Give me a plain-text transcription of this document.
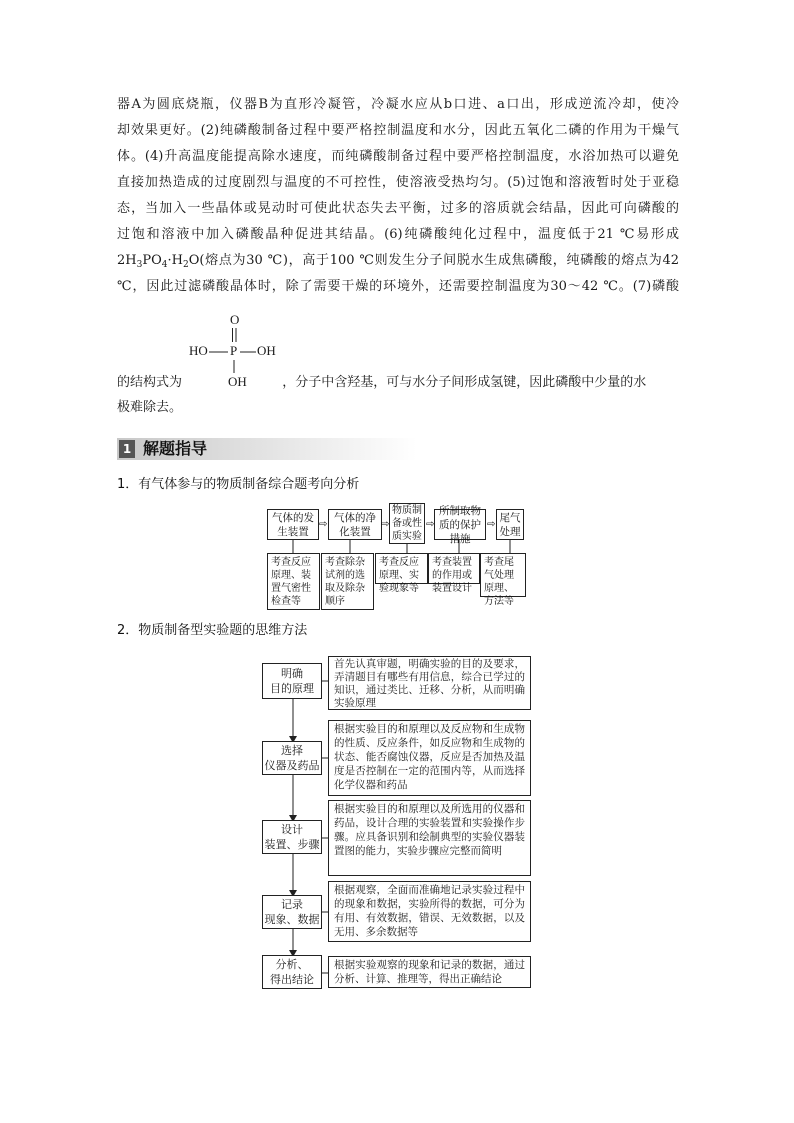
器A为圆底烧瓶，仪器B为直形冷凝管，冷凝水应从b口进、a口出，形成逆流冷却，使冷
却效果更好。(2)纯磷酸制备过程中要严格控制温度和水分，因此五氧化二磷的作用为干燥气
体。(4)升高温度能提高除水速度，而纯磷酸制备过程中要严格控制温度，水浴加热可以避免
直接加热造成的过度剧烈与温度的不可控性，使溶液受热均匀。(5)过饱和溶液暂时处于亚稳
态，当加入一些晶体或晃动时可使此状态失去平衡，过多的溶质就会结晶，因此可向磷酸的
过饱和溶液中加入磷酸晶种促进其结晶。(6)纯磷酸纯化过程中，温度低于21 ℃易形成
$2H_3PO_4\cdot H_2O$(熔点为30 ℃)，高于100 ℃则发生分子间脱水生成焦磷酸，纯磷酸的熔点为42
℃，因此过滤磷酸晶体时，除了需要干燥的环境外，还需要控制温度为30～42 ℃。(7)磷酸
的结构式为	，分子中含羟基，可与水分子间形成氢键，因此磷酸中少量的水
极难除去。
O
HO P OH
OH
1 解题指导
1．有气体参与的物质制备综合题考向分析
气体的发生装置
⇨
气体的净化装置
⇨
物质制备或性质实验
⇨
所制取物质的保护措施
⇨
尾气处理
考查反应原理、装置气密性检查等
考查除杂试剂的选取及除杂顺序
考查反应原理、实验现象等
考查装置的作用或装置设计
考查尾气处理原理、方法等
2．物质制备型实验题的思维方法
明确
目的原理
首先认真审题，明确实验的目的及要求，弄清题目有哪些有用信息，综合已学过的知识，通过类比、迁移、分析，从而明确实验原理
选择
仪器及药品
根据实验目的和原理以及反应物和生成物的性质、反应条件，如反应物和生成物的状态、能否腐蚀仪器，反应是否加热及温度是否控制在一定的范围内等，从而选择化学仪器和药品
设计
装置、步骤
根据实验目的和原理以及所选用的仪器和药品，设计合理的实验装置和实验操作步骤。应具备识别和绘制典型的实验仪器装置图的能力，实验步骤应完整而简明
记录
现象、数据
根据观察，全面而准确地记录实验过程中的现象和数据，实验所得的数据，可分为有用、有效数据，错误、无效数据，以及无用、多余数据等
分析、
得出结论
根据实验观察的现象和记录的数据，通过分析、计算、推理等，得出正确结论
